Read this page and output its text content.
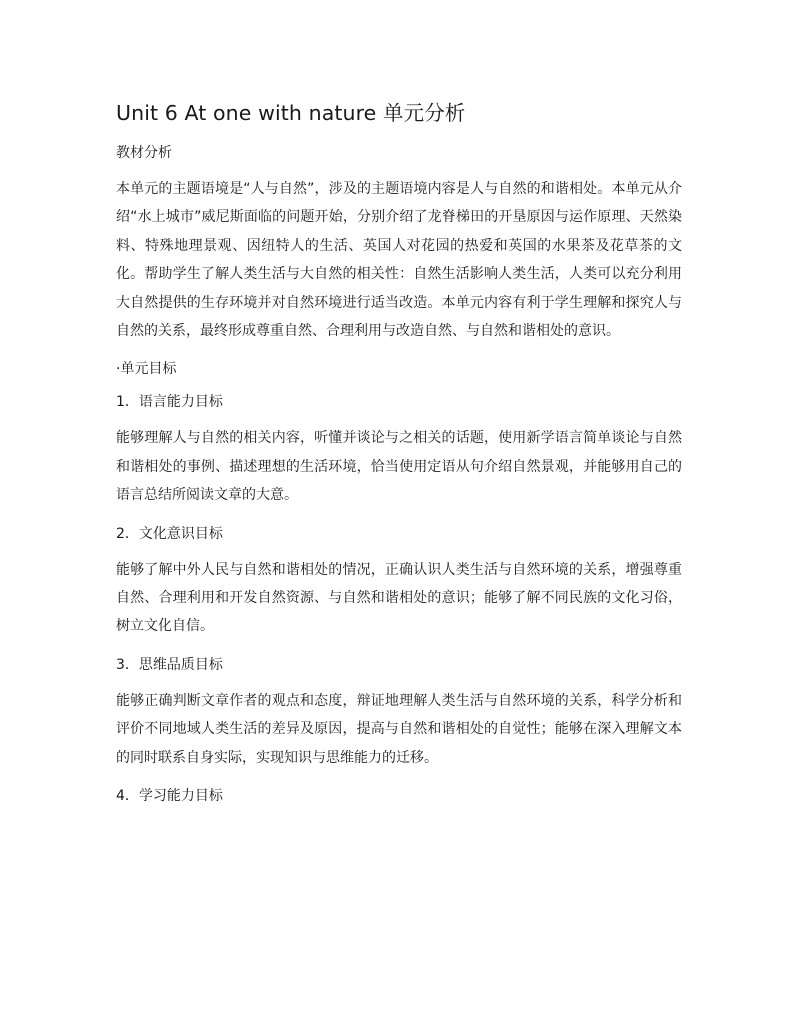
Unit 6 At one with nature 单元分析
教材分析

本单元的主题语境是“人与自然”，涉及的主题语境内容是人与自然的和谐相处。本单元从介绍“水上城市”威尼斯面临的问题开始，分别介绍了龙脊梯田的开垦原因与运作原理、天然染料、特殊地理景观、因纽特人的生活、英国人对花园的热爱和英国的水果茶及花草茶的文化。帮助学生了解人类生活与大自然的相关性：自然生活影响人类生活，人类可以充分利用大自然提供的生存环境并对自然环境进行适当改造。本单元内容有利于学生理解和探究人与自然的关系，最终形成尊重自然、合理利用与改造自然、与自然和谐相处的意识。

·单元目标
1．语言能力目标

能够理解人与自然的相关内容，听懂并谈论与之相关的话题，使用新学语言简单谈论与自然和谐相处的事例、描述理想的生活环境，恰当使用定语从句介绍自然景观，并能够用自己的语言总结所阅读文章的大意。

2．文化意识目标

能够了解中外人民与自然和谐相处的情况，正确认识人类生活与自然环境的关系，增强尊重自然、合理利用和开发自然资源、与自然和谐相处的意识；能够了解不同民族的文化习俗，树立文化自信。

3．思维品质目标

能够正确判断文章作者的观点和态度，辩证地理解人类生活与自然环境的关系，科学分析和评价不同地域人类生活的差异及原因，提高与自然和谐相处的自觉性；能够在深入理解文本的同时联系自身实际，实现知识与思维能力的迁移。

4．学习能力目标
